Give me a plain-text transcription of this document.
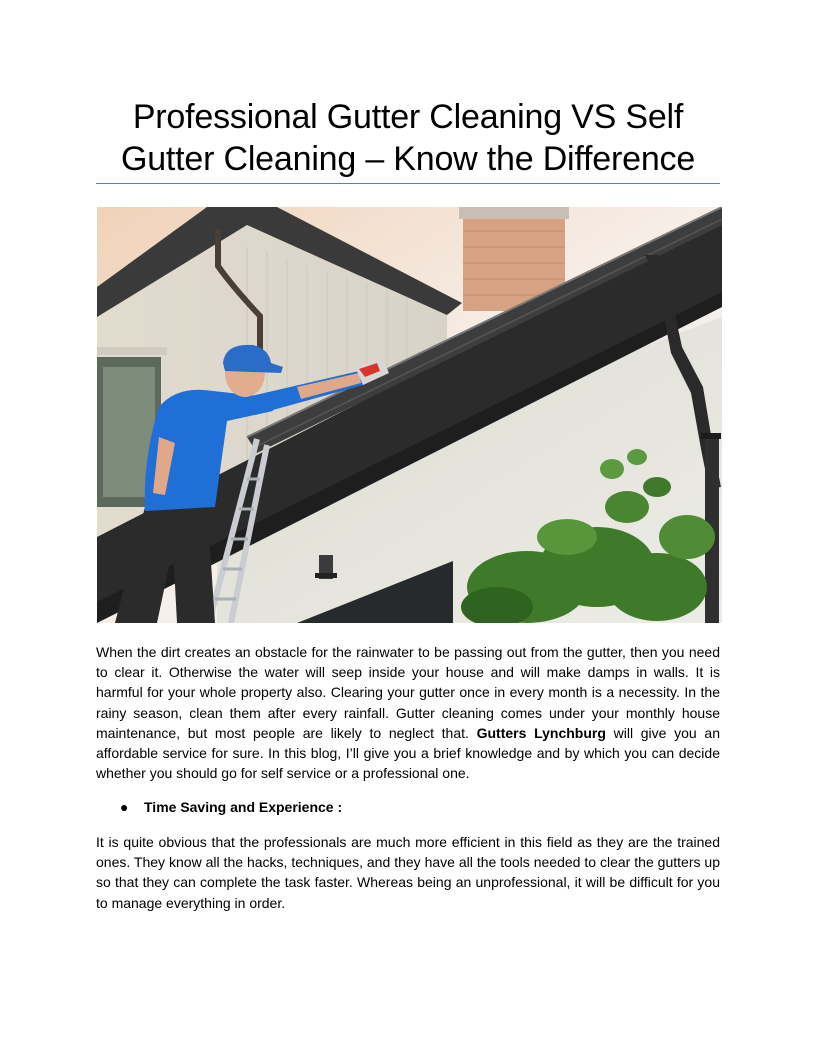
Professional Gutter Cleaning VS Self Gutter Cleaning – Know the Difference

When the dirt creates an obstacle for the rainwater to be passing out from the gutter, then you need to clear it. Otherwise the water will seep inside your house and will make damps in walls. It is harmful for your whole property also. Clearing your gutter once in every month is a necessity. In the rainy season, clean them after every rainfall. Gutter cleaning comes under your monthly house maintenance, but most people are likely to neglect that. Gutters Lynchburg will give you an affordable service for sure. In this blog, I’ll give you a brief knowledge and by which you can decide whether you should go for self service or a professional one.

● Time Saving and Experience :

It is quite obvious that the professionals are much more efficient in this field as they are the trained ones. They know all the hacks, techniques, and they have all the tools needed to clear the gutters up so that they can complete the task faster. Whereas being an unprofessional, it will be difficult for you to manage everything in order.
